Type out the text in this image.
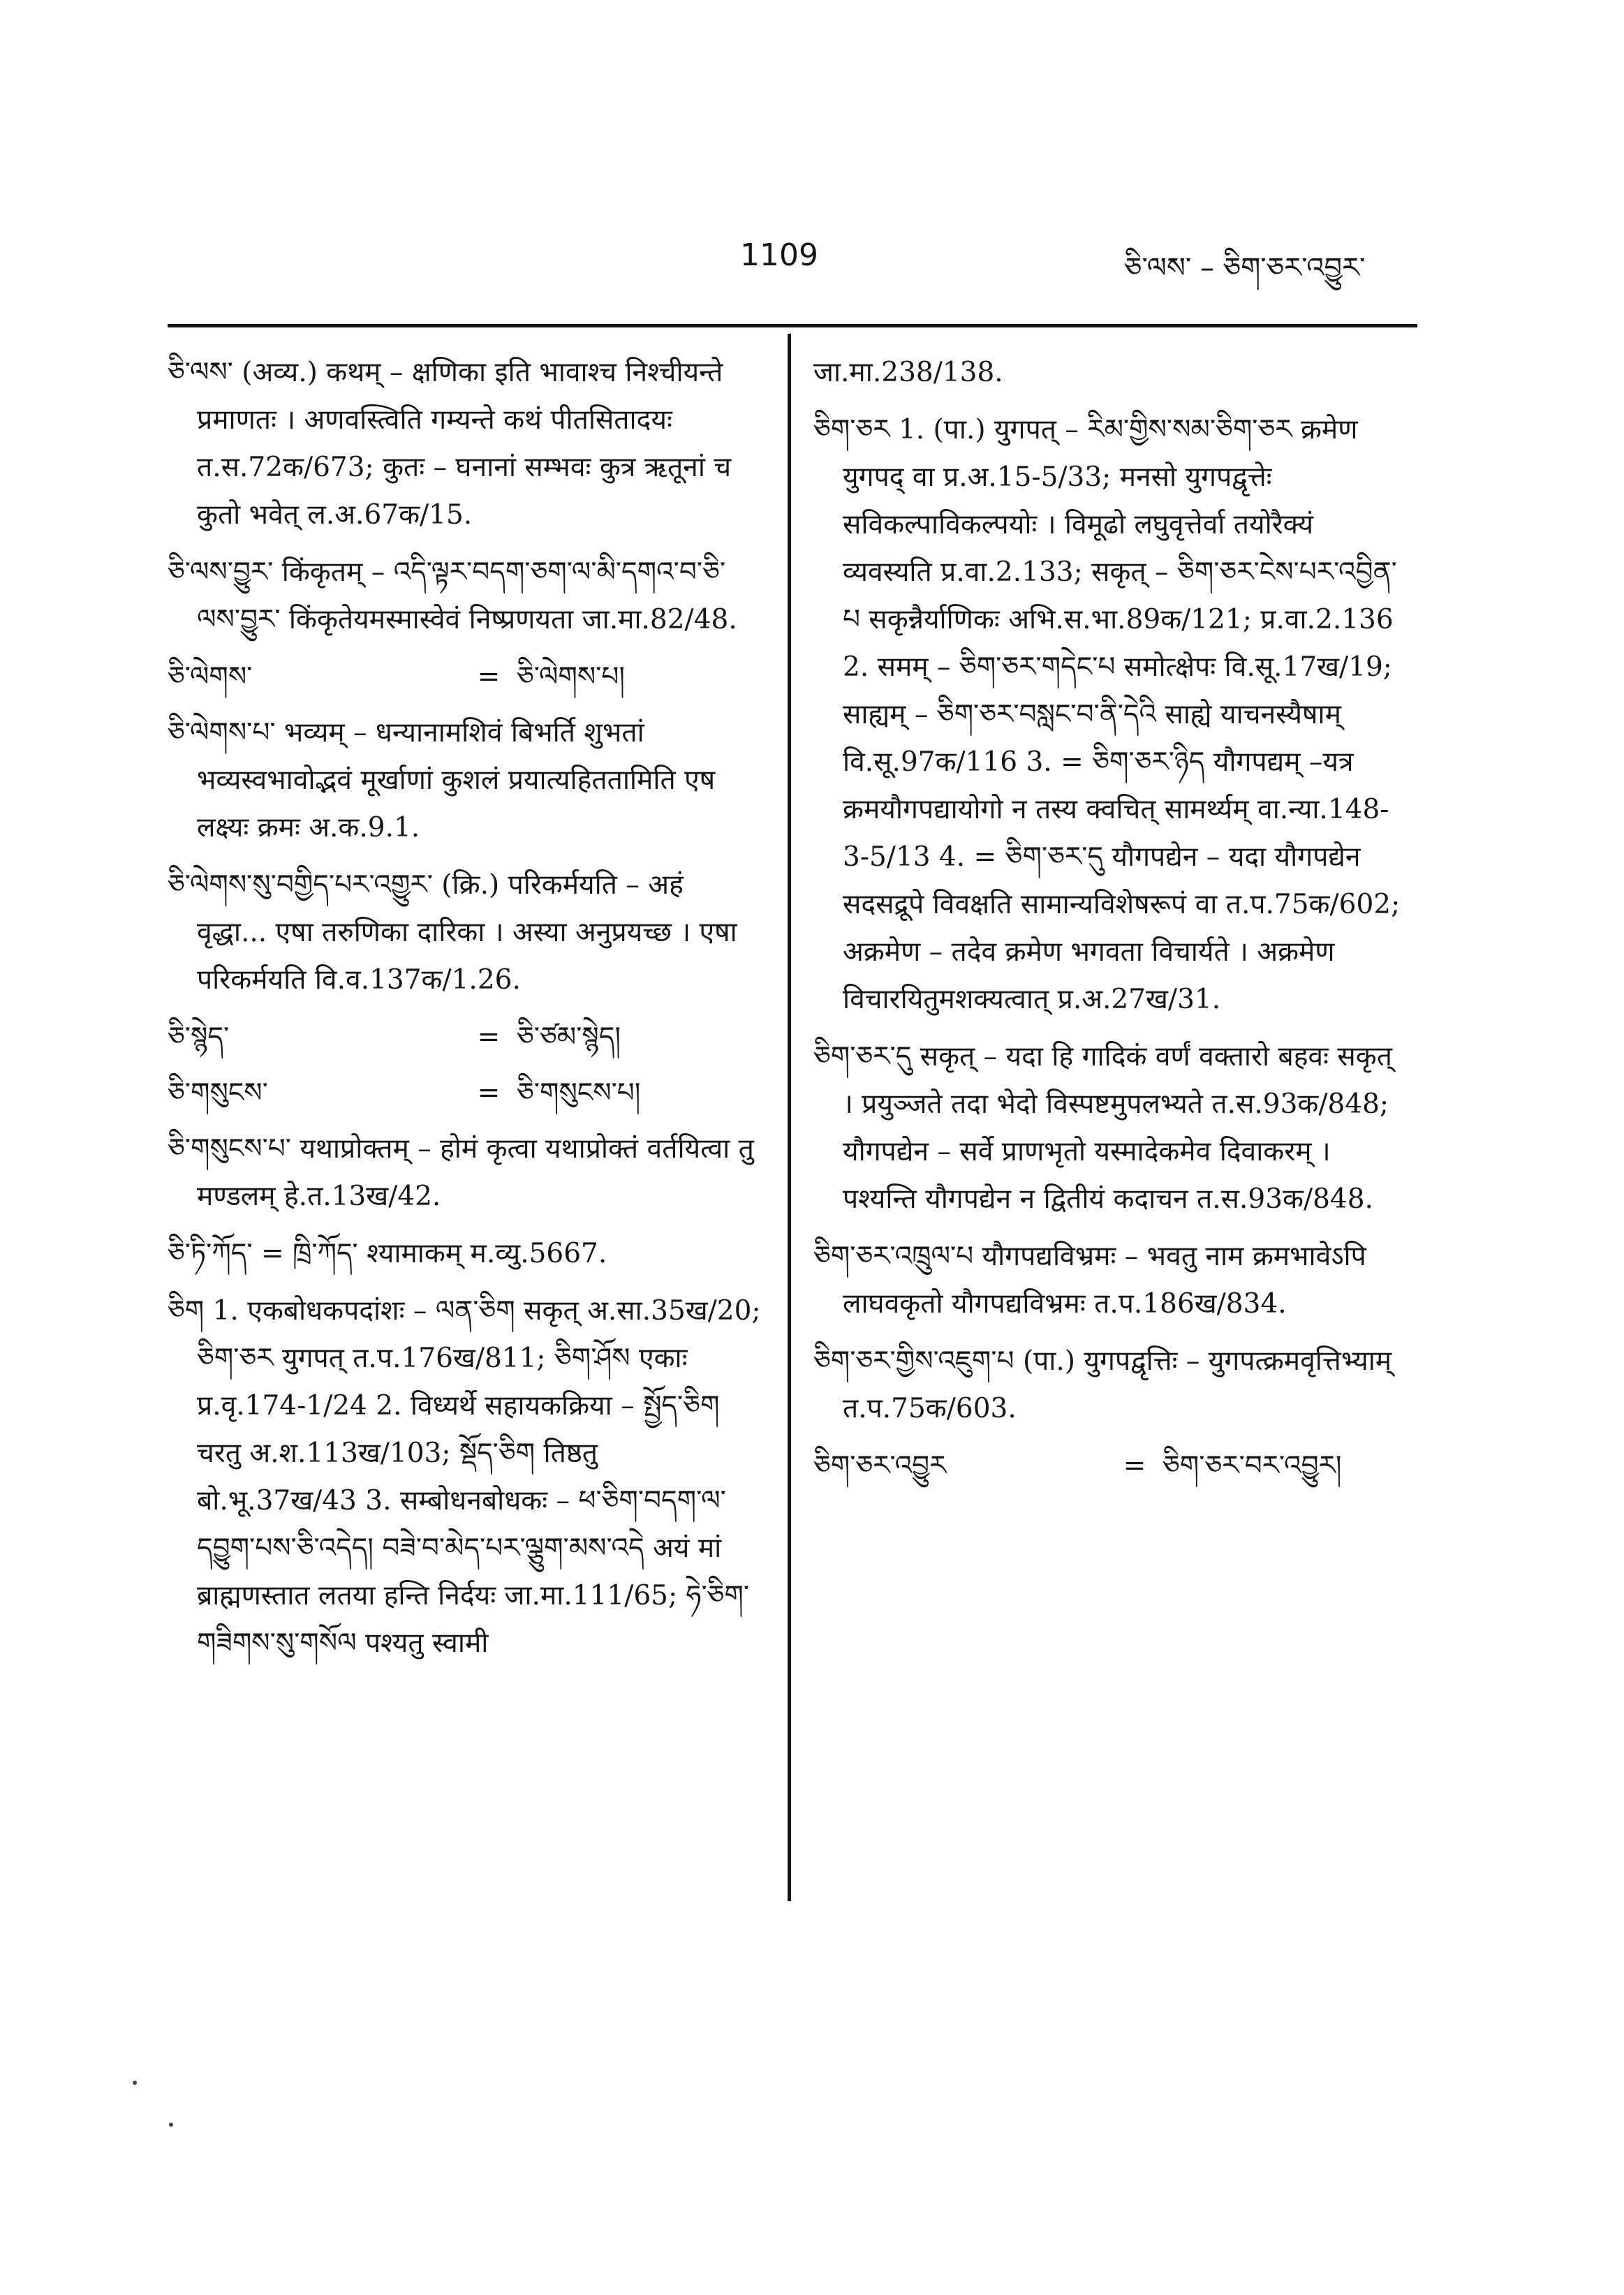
1109	ཅི་ལས་ – ཅིག་ཅར་འབྱུར་

ཅི་ལས་ (अव्य.) कथम् – क्षणिका इति भावाश्च निश्चीयन्ते प्रमाणतः । अणवस्त्विति गम्यन्ते कथं पीतसितादयः त.स.72क/673; कुतः – घनानां सम्भवः कुत्र ऋतूनां च कुतो भवेत् ल.अ.67क/15.

ཅི་ལས་བྱུར་ किंकृतम् – འདི་ལྟར་བདག་ཅག་ལ་མི་དགའ་བ་ཅི་ལས་བྱུར་ किंकृतेयमस्मास्वेवं निष्प्रणयता जा.मा.82/48.

ཅི་ལེགས་	= ཅི་ལེགས་པ།

ཅི་ལེགས་པ་ भव्यम् – धन्यानामशिवं बिभर्ति शुभतां भव्यस्वभावोद्भवं मूर्खाणां कुशलं प्रयात्यहिततामिति एष लक्ष्यः क्रमः अ.क.9.1.

ཅི་ལེགས་སུ་བགྱིད་པར་འགྱུར་ (क्रि.) परिकर्मयति – अहं वृद्धा... एषा तरुणिका दारिका । अस्या अनुप्रयच्छ । एषा परिकर्मयति वि.व.137क/1.26.

ཅི་སྙེད་	= ཅི་ཙམ་སྙེད།
ཅི་གསུངས་	= ཅི་གསུངས་པ།

ཅི་གསུངས་པ་ यथाप्रोक्तम् – होमं कृत्वा यथाप्रोक्तं वर्तयित्वा तु मण्डलम् हे.त.13ख/42.

ཅི་ཏི་ཀོད་ = ཁྲི་ཀོད་ श्यामाकम् म.व्यु.5667.

ཅིག 1. एकबोधकपदांशः – ལན་ཅིག सकृत् अ.सा.35ख/20; ཅིག་ཅར युगपत् त.प.176ख/811; ཅིག་ཤོས एकाः प्र.वृ.174-1/24 2. विध्यर्थे सहायकक्रिया – སྤྱོད་ཅིག चरतु अ.श.113ख/103; སྡོད་ཅིག तिष्ठतु बो.भू.37ख/43 3. सम्बोधनबोधकः – ཕ་ཅིག་བདག་ལ་དབྱུག་པས་ཅི་འདེད། བཟེ་བ་མེད་པར་ལྕུག་མས་འདེ अयं मां ब्राह्मणस्तात लतया हन्ति निर्दयः जा.मा.111/65; ཧེ་ཅིག་གཟིགས་སུ་གསོལ पश्यतु स्वामी

जा.मा.238/138.

ཅིག་ཅར 1. (पा.) युगपत् – རིམ་གྱིས་སམ་ཅིག་ཅར क्रमेण युगपद् वा प्र.अ.15-5/33; मनसो युगपद्वृत्तेः सविकल्पाविकल्पयोः । विमूढो लघुवृत्तेर्वा तयोरैक्यं व्यवस्यति प्र.वा.2.133; सकृत् – ཅིག་ཅར་ངེས་པར་འབྱིན་པ सकृन्नैर्याणिकः अभि.स.भा.89क/121; प्र.वा.2.136 2. समम् – ཅིག་ཅར་གདེང་པ समोत्क्षेपः वि.सू.17ख/19; साह्यम् – ཅིག་ཅར་བསླང་བ་ནི་དེའི साह्ये याचनस्यैषाम् वि.सू.97क/116 3. = ཅིག་ཅར་ཉིད यौगपद्यम् –यत्र क्रमयौगपद्यायोगो न तस्य क्वचित् सामर्थ्यम् वा.न्या.148-3-5/13 4. = ཅིག་ཅར་དུ यौगपद्येन – यदा यौगपद्येन सदसद्रूपे विवक्षति सामान्यविशेषरूपं वा त.प.75क/602; अक्रमेण – तदेव क्रमेण भगवता विचार्यते । अक्रमेण विचारयितुमशक्यत्वात् प्र.अ.27ख/31.

ཅིག་ཅར་དུ सकृत् – यदा हि गादिकं वर्णं वक्तारो बहवः सकृत् । प्रयुञ्जते तदा भेदो विस्पष्टमुपलभ्यते त.स.93क/848; यौगपद्येन – सर्वे प्राणभृतो यस्मादेकमेव दिवाकरम् । पश्यन्ति यौगपद्येन न द्वितीयं कदाचन त.स.93क/848.

ཅིག་ཅར་འཁྲུལ་པ यौगपद्यविभ्रमः – भवतु नाम क्रमभावेऽपि लाघवकृतो यौगपद्यविभ्रमः त.प.186ख/834.

ཅིག་ཅར་གྱིས་འཇུག་པ (पा.) युगपद्वृत्तिः – युगपत्क्रमवृत्तिभ्याम् त.प.75क/603.

ཅིག་ཅར་འབྱུར	= ཅིག་ཅར་བར་འབྱུར།
